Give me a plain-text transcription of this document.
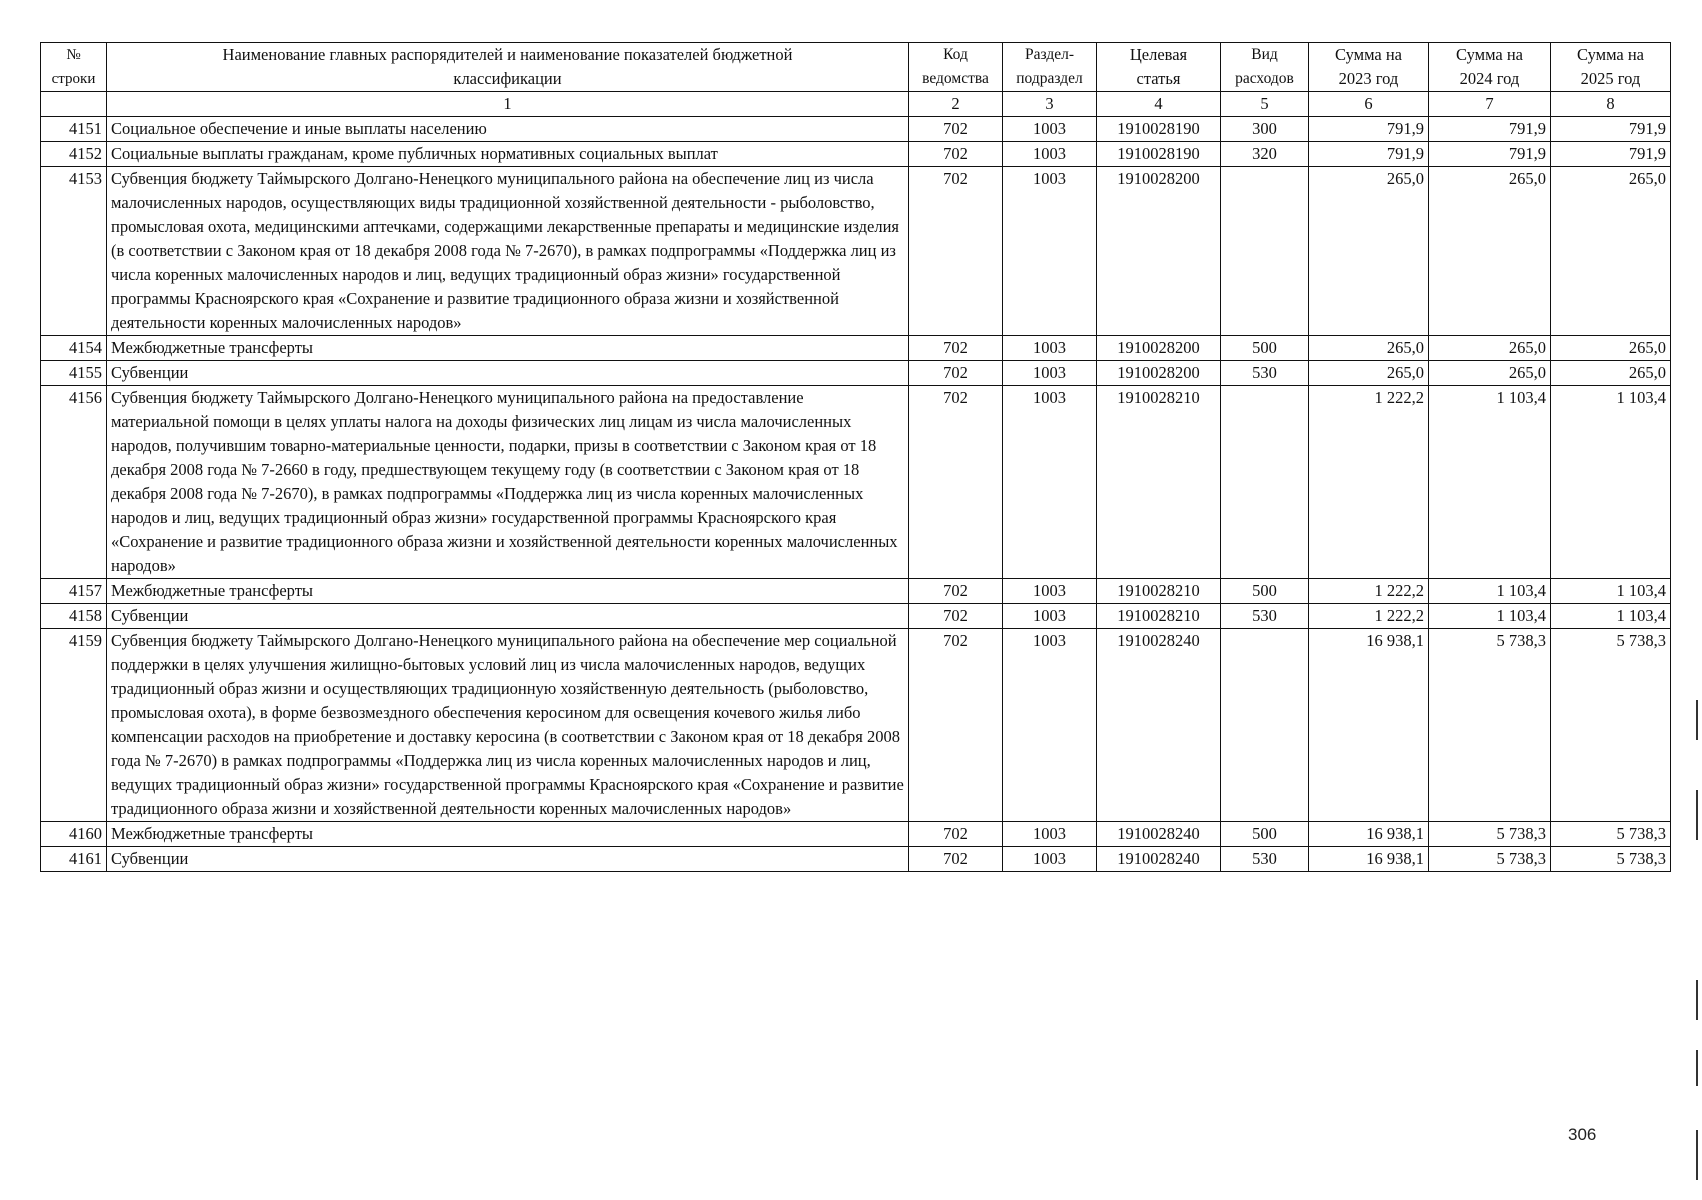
№ строки	Наименование главных распорядителей и наименование показателей бюджетной классификации	Код ведомства	Раздел-подраздел	Целевая статья	Вид расходов	Сумма на 2023 год	Сумма на 2024 год	Сумма на 2025 год
	1	2	3	4	5	6	7	8
4151	Социальное обеспечение и иные выплаты населению	702	1003	1910028190	300	791,9	791,9	791,9
4152	Социальные выплаты гражданам, кроме публичных нормативных социальных выплат	702	1003	1910028190	320	791,9	791,9	791,9
4153	Субвенция бюджету Таймырского Долгано-Ненецкого муниципального района на обеспечение лиц из числа малочисленных народов, осуществляющих виды традиционной хозяйственной деятельности - рыболовство, промысловая охота, медицинскими аптечками, содержащими лекарственные препараты и медицинские изделия (в соответствии с Законом края от 18 декабря 2008 года № 7-2670), в рамках подпрограммы «Поддержка лиц из числа коренных малочисленных народов и лиц, ведущих традиционный образ жизни» государственной программы Красноярского края «Сохранение и развитие традиционного образа жизни и хозяйственной деятельности коренных малочисленных народов»	702	1003	1910028200		265,0	265,0	265,0
4154	Межбюджетные трансферты	702	1003	1910028200	500	265,0	265,0	265,0
4155	Субвенции	702	1003	1910028200	530	265,0	265,0	265,0
4156	Субвенция бюджету Таймырского Долгано-Ненецкого муниципального района на предоставление материальной помощи в целях уплаты налога на доходы физических лиц лицам из числа малочисленных народов, получившим товарно-материальные ценности, подарки, призы в соответствии с Законом края от 18 декабря 2008 года № 7-2660 в году, предшествующем текущему году (в соответствии с Законом края от 18 декабря 2008 года № 7-2670), в рамках подпрограммы «Поддержка лиц из числа коренных малочисленных народов и лиц, ведущих традиционный образ жизни» государственной программы Красноярского края «Сохранение и развитие традиционного образа жизни и хозяйственной деятельности коренных малочисленных народов»	702	1003	1910028210		1 222,2	1 103,4	1 103,4
4157	Межбюджетные трансферты	702	1003	1910028210	500	1 222,2	1 103,4	1 103,4
4158	Субвенции	702	1003	1910028210	530	1 222,2	1 103,4	1 103,4
4159	Субвенция бюджету Таймырского Долгано-Ненецкого муниципального района на обеспечение мер социальной поддержки в целях улучшения жилищно-бытовых условий лиц из числа малочисленных народов, ведущих традиционный образ жизни и осуществляющих традиционную хозяйственную деятельность (рыболовство, промысловая охота), в форме безвозмездного обеспечения керосином для освещения кочевого жилья либо компенсации расходов на приобретение и доставку керосина (в соответствии с Законом края от 18 декабря 2008 года № 7-2670) в рамках подпрограммы «Поддержка лиц из числа коренных малочисленных народов и лиц, ведущих традиционный образ жизни» государственной программы Красноярского края «Сохранение и развитие традиционного образа жизни и хозяйственной деятельности коренных малочисленных народов»	702	1003	1910028240		16 938,1	5 738,3	5 738,3
4160	Межбюджетные трансферты	702	1003	1910028240	500	16 938,1	5 738,3	5 738,3
4161	Субвенции	702	1003	1910028240	530	16 938,1	5 738,3	5 738,3
306
